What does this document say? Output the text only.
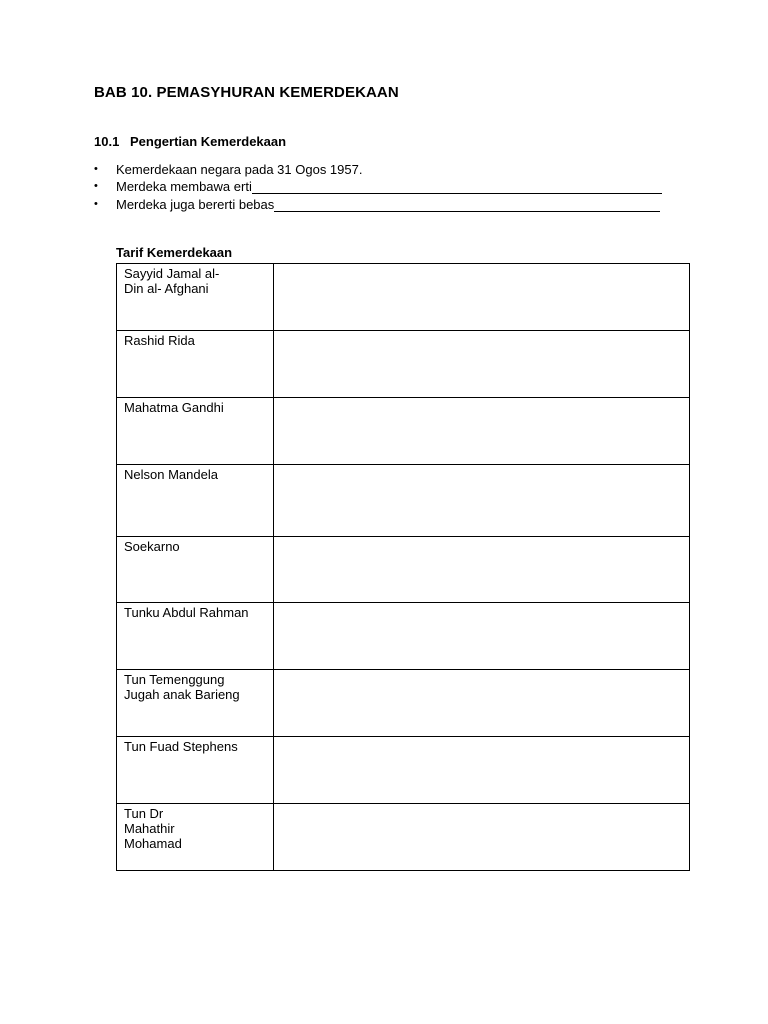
BAB 10. PEMASYHURAN KEMERDEKAAN
10.1 Pengertian Kemerdekaan
•	Kemerdekaan negara pada 31 Ogos 1957.
•	Merdeka membawa erti
•	Merdeka juga bererti bebas
Tarif Kemerdekaan
Sayyid Jamal al-
Din al- Afghani	

Rashid Rida	

Mahatma Gandhi	

Nelson Mandela	

Soekarno	

Tunku Abdul Rahman	

Tun Temenggung
Jugah anak Barieng	

Tun Fuad Stephens	

Tun Dr
Mahathir
Mohamad	
